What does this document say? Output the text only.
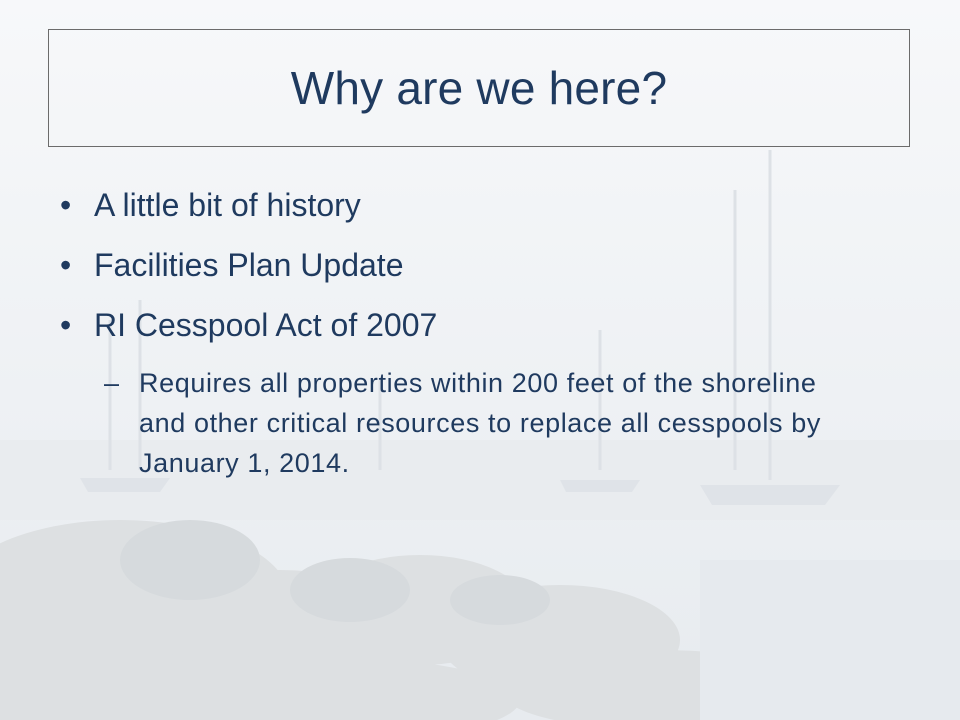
Why are we here?
• A little bit of history
• Facilities Plan Update
• RI Cesspool Act of 2007
– Requires all properties within 200 feet of the shoreline and other critical resources to replace all cesspools by January 1, 2014.
